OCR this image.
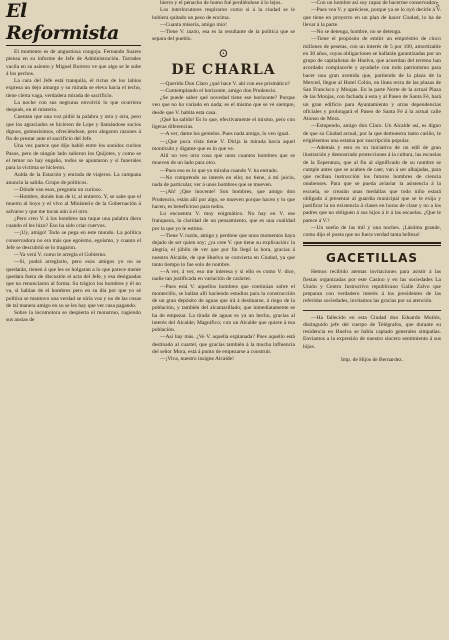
5
El Reformista

El momento es de angustiosa congoja. Fernando Suares piensa en su informe de Jefe de Administración. Tarrades vacila en su asiento y Miguel Borrero ve que algo se le sube á los pechos.

La cara del Jefe está tranquila, el rictus de los labios expresa un dejo amargo y su mirada se eleva hacia el techo, tiene cierta vaga, verdadera mirada de sacrificio.

La noche con sus negruras envolvió lo que ocurriera después, en el misterio.

Cuentan que una voz pidió la palabra y otra y otra, pero que los agraciados se hicieron de Lepe y llamándose sucios dignos, gomosísimos, ofreciéndose, pero alegaron razones á fin de prestar ante el sacrificio del Jefe.

Una vez parece que dijo habló entre los sonidos cuchos Pasos, pero de ningún lado salieron los Quijotes, y como se el temor no hay engaño, todos se apuntaron y si funerales para la víctima se hicieron.

Aulda de la Estación y entrada de viajeros. La campana anuncia la salida. Grupo de políticos.

—Dónde van esos, pregunta un curioso.

—Hombre, donde han de ir, al entierro. Y, se sabe que el muerto al hoyo y el vivo al Ministerio de la Gobernación á salvarse y que me tocan aún á el otro.

¿Pero creo V. á los hombres tan tuque una palabra diera cuando el les hizo? Eso ha sido criar cuervos.

—¡Uy, amigo! Todo se pega en este mundo. La política conservadora no era más que egoísmo, egoísmo, y cuanto el Jefe se descubrió se lo tragaron.

—Ya verá V. como le arregla el Gobierno.

—Si, podrá arreglarlo, pero esos amigos yo no se quedarán, tienen á que les se holgaran a lo que parece mente quedara fuera de discusión el acta del Jefe, y esa designadas que no renunciaron al forma. Su trágico los hombres y él no va, si hablan de el hombres pero en su dia por que yo sé política se mantuvo una verdad se oiría voz y no de las cosas de tal manera amigo en su se les hay que ver casa pagando.

Sobre la locomotora se despierta el monstruo, rugiendo sus ansias de

hierro y el penacho de humo fué perdiéndose á lo lejos.

Los interlocutores respiraron como si á la ciudad se le hubiera quitado un peso de encima.

—Cuanta miseria, amigo mío!

—Tiene V. razón, esa es la resultante de la política que se separa del pueblo.

⊙
DE CHARLA

—Querido Don Claro ¿qué hace V. ahí con ese prismático?

—Contemplando el horizonte, amigo don Prudencio.

¿Se puede saber qué novedad tiene ese horizonte? Porque veo que no ha variado en nada; es el mismo que se vé siempre, desde que V. habita esta casa.

¡Qué ha salido! Es lo que, efectivamente el mismo, pero con ligeras diferencias.

—A ver, dame los gemelos. Pues nada amigo, lo veo igual.

—¿Que poca vista tiene V. Dirija la mirada hacia aquel montículo y dígame que es lo que ve.

Allí no veo otra cosa que unos cuantos hombres que se mueven de un lado para otro.

—Pues eso es lo que yo miraba cuando V. ha entrado.

—No comprendo su interés en ello; no tiene, á mí juicio, nada de particular, ver á unos hombres que se mueven.

—¡Ah! ¡Que inocente! Son hombres, que amigo don Prudencio, están allí por algo, se mueven porque hacen y lo que hacen, es beneficioso para todos.

Lo encuentra V. muy enigmático. No hay en V. ese franqueza, la claridad de un pensamiento, que es una cualidad por la que yo le estimo.

—Tiene V. razón, amigo y perdone que unos momentos haya dejado de ser quien soy; ¿ya cree V. que tiene su explicación: la alegría, el júbilo de ver que por fin llegó la hora, gracias á nuestro Alcalde, de que Huelva se convierta en Ciudad, ya que tanto tiempo lo fue solo de nombre.

—A ver, á ver, eso me interesa y si ello es como V. dice, nadie tan justificada en variación de carácter.

—Pues está V. aquellos hombres que continúan sobre el montecillo, se hallan allí haciendo estudios para la construcción de un gran depósito de aguas que irá á destinarse, á riego de la población, y también del alcantarillado; que inmediatamente se ha de empezar. La tirada de aguas es ya un hecho, gracias al interés del Alcalde; Magnífico; con un Alcalde que quiere á esa población.

—Así hay más. ¿Ve V. aquella explanada? Pues aquello está destinado al cuartel, que gracias también á la mucha influencia del señor Mora, está á punto de empezarse a construir.

—¡Viva, nuestro insigne Alcalde!

—Con un hombre así soy capaz de hacerme conservador.

—Pues vea V. y apréciese, porque ya se lo oyó decirle á V. que tiene en proyecto en un plan de hacer Ciudad, lo ha de llevar á la parte.

—No se detenga, hombre, no se detenga.

—Tiene el propósito de emitir un empréstito de cinco millones de pesetas, con un interés de 5 por 100, amortizable en 30 años, cuyas obligaciones se hallarán garantizadas por un grupo de capitalistas de Huelva, que acuerdan del terreno han acordado complacerle y ayudarle con todo patriotismo para hacer una gran avenida que, partiendo de la plaza de la Merced, llegue al Hotel Colón, en línea recta de las plazas de San Francisco y Moujas. En la parte Norte de la actual Plaza de las Monjas, con fachada á esta y al Paseo de Santa Fé, hará un gran edificio para Ayuntamiento y otras dependencias oficiales y prolongará el Paseo de Santa Fé á la actual calle Alonso de Mora.

—Estupendo, amigo don Claro. Un Alcalde así, es digno de que su Ciudad actual, por la que demuestra tanto cariño, le erigiésemos una estatua por suscripción popular.

—Además y esto es su iniciativa de un edil de gran ilustración y demostrado protecciones á la cultura, las escuelas de la Esperanza, que al fin al significado de su nombre se cumple antes que se acaben de caer, van á ser alhajadas, para que reciban instrucción los futuros hombres de ciencia onubenses. Para que se pueda aviariar la asistencia á la escuela, se crearán unas medallas que todo niño estará obligado á presentar al guardia municipal que se le exija y justificar la no existencia á clases en horas de clase y no a los padres que no obliguen á sus hijos á ir á las escuelas. ¿Que le parece á V.?

—Un sueño de las mil y una noches. ¡Lástima grande, como dijo el poeta que no fuera verdad tanta belleza!

GACETILLAS

Hemos recibido atentas invitaciones para asistir á las fiestas organizadas por este Casino y en las sociedades La Unión y Centro Instructivo republicano Galle Zalvo que preparan con verdadero interés á los presidentes de las referidas sociedades, invitamos las gracias por su atención.

—Ha fallecido en esta Ciudad don Eduardo Mutlós, distinguido jefe del cuerpo de Telégrafos, que durante su residencia en Huelva se había captado generales simpatías. Enviamos a la expresión de nuestro sincero sentimiento á sus hijos.

Imp. de Hijos de Bernardez.
